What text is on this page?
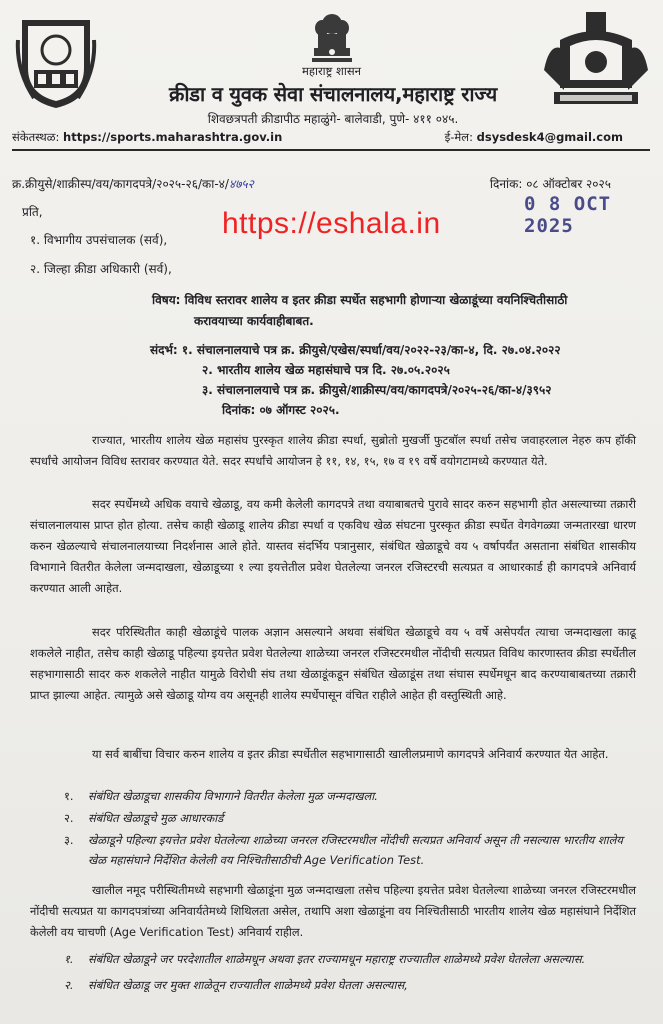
महाराष्ट्र शासन
क्रीडा व युवक सेवा संचालनालय,महाराष्ट्र राज्य
शिवछत्रपती क्रीडापीठ महाळुंगे- बालेवाडी, पुणे- ४११ ०४५.
संकेतस्थळ: https://sports.maharashtra.gov.in	ई-मेल: dsysdesk4@gmail.com
क्र.क्रीयुसे/शाक्रीस्प/वय/कागदपत्रे/२०२५-२६/का-४/४७५२	दिनांक: ०८ ऑक्टोबर २०२५
0 8 OCT 2025
प्रति,
१. विभागीय उपसंचालक (सर्व),
२. जिल्हा क्रीडा अधिकारी (सर्व),
https://eshala.in
विषय: विविध स्तरावर शालेय व इतर क्रीडा स्पर्धेत सहभागी होणाऱ्या खेळाडूंच्या वयनिश्चितीसाठी
करावयाच्या कार्यवाहीबाबत.
संदर्भ: १. संचालनालयाचे पत्र क्र. क्रीयुसे/एखेस/स्पर्धा/वय/२०२२-२३/का-४, दि. २७.०४.२०२२
२. भारतीय शालेय खेळ महासंघाचे पत्र दि. २७.०५.२०२५
३. संचालनालयाचे पत्र क्र. क्रीयुसे/शाक्रीस्प/वय/कागदपत्रे/२०२५-२६/का-४/३९५२
दिनांक: ०७ ऑगस्ट २०२५.
राज्यात, भारतीय शालेय खेळ महासंघ पुरस्कृत शालेय क्रीडा स्पर्धा, सुब्रोतो मुखर्जी फुटबॉल स्पर्धा तसेच जवाहरलाल नेहरु कप हॉकी स्पर्धांचे आयोजन विविध स्तरावर करण्यात येते. सदर स्पर्धांचे आयोजन हे ११, १४, १५, १७ व १९ वर्षे वयोगटामध्ये करण्यात येते.
सदर स्पर्धेमध्ये अधिक वयाचे खेळाडू, वय कमी केलेली कागदपत्रे तथा वयाबाबतचे पुरावे सादर करुन सहभागी होत असल्याच्या तक्रारी संचालनालयास प्राप्त होत होत्या. तसेच काही खेळाडू शालेय क्रीडा स्पर्धा व एकविध खेळ संघटना पुरस्कृत क्रीडा स्पर्धेत वेगवेगळ्या जन्मतारखा धारण करुन खेळल्याचे संचालनालयाच्या निदर्शनास आले होते. यास्तव संदर्भिय पत्रानुसार, संबंधित खेळाडूचे वय ५ वर्षापर्यंत असताना संबंधित शासकीय विभागाने वितरीत केलेला जन्मदाखला, खेळाडूच्या १ ल्या इयत्तेतील प्रवेश घेतलेल्या जनरल रजिस्टरची सत्यप्रत व आधारकार्ड ही कागदपत्रे अनिवार्य करण्यात आली आहेत.
सदर परिस्थितीत काही खेळाडूंचे पालक अज्ञान असल्याने अथवा संबंधित खेळाडूचे वय ५ वर्षे असेपर्यंत त्याचा जन्मदाखला काढू शकलेले नाहीत, तसेच काही खेळाडू पहिल्या इयत्तेत प्रवेश घेतलेल्या शाळेच्या जनरल रजिस्टरमधील नोंदीची सत्यप्रत विविध कारणास्तव क्रीडा स्पर्धेतील सहभागासाठी सादर करु शकलेले नाहीत यामुळे विरोधी संघ तथा खेळाडूंकडून संबंधित खेळाडूंस तथा संघास स्पर्धेमधून बाद करण्याबाबतच्या तक्रारी प्राप्त झाल्या आहेत. त्यामुळे असे खेळाडू योग्य वय असूनही शालेय स्पर्धेपासून वंचित राहीले आहेत ही वस्तुस्थिती आहे.
या सर्व बाबींचा विचार करुन शालेय व इतर क्रीडा स्पर्धेतील सहभागासाठी खालीलप्रमाणे कागदपत्रे अनिवार्य करण्यात येत आहेत.
१. संबंधित खेळाडूचा शासकीय विभागाने वितरीत केलेला मुळ जन्मदाखला.
२. संबंधित खेळाडूचे मुळ आधारकार्ड
३. खेळाडूने पहिल्या इयत्तेत प्रवेश घेतलेल्या शाळेच्या जनरल रजिस्टरमधील नोंदीची सत्यप्रत अनिवार्य असून ती नसल्यास भारतीय शालेय खेळ महासंघाने निर्देशित केलेली वय निश्चितीसाठीची Age Verification Test.
खालील नमूद परीस्थितीमध्ये सहभागी खेळाडूंना मुळ जन्मदाखला तसेच पहिल्या इयत्तेत प्रवेश घेतलेल्या शाळेच्या जनरल रजिस्टरमधील नोंदीची सत्यप्रत या कागदपत्रांच्या अनिवार्यतेमध्ये शिथिलता असेल, तथापि अशा खेळाडूंना वय निश्चितीसाठी भारतीय शालेय खेळ महासंघाने निर्देशित केलेली वय चाचणी (Age Verification Test) अनिवार्य राहील.
१. संबंधित खेळाडूने जर परदेशातील शाळेमधून अथवा इतर राज्यामधून महाराष्ट्र राज्यातील शाळेमध्ये प्रवेश घेतलेला असल्यास.
२. संबंधित खेळाडू जर मुक्त शाळेतून राज्यातील शाळेमध्ये प्रवेश घेतला असल्यास,
